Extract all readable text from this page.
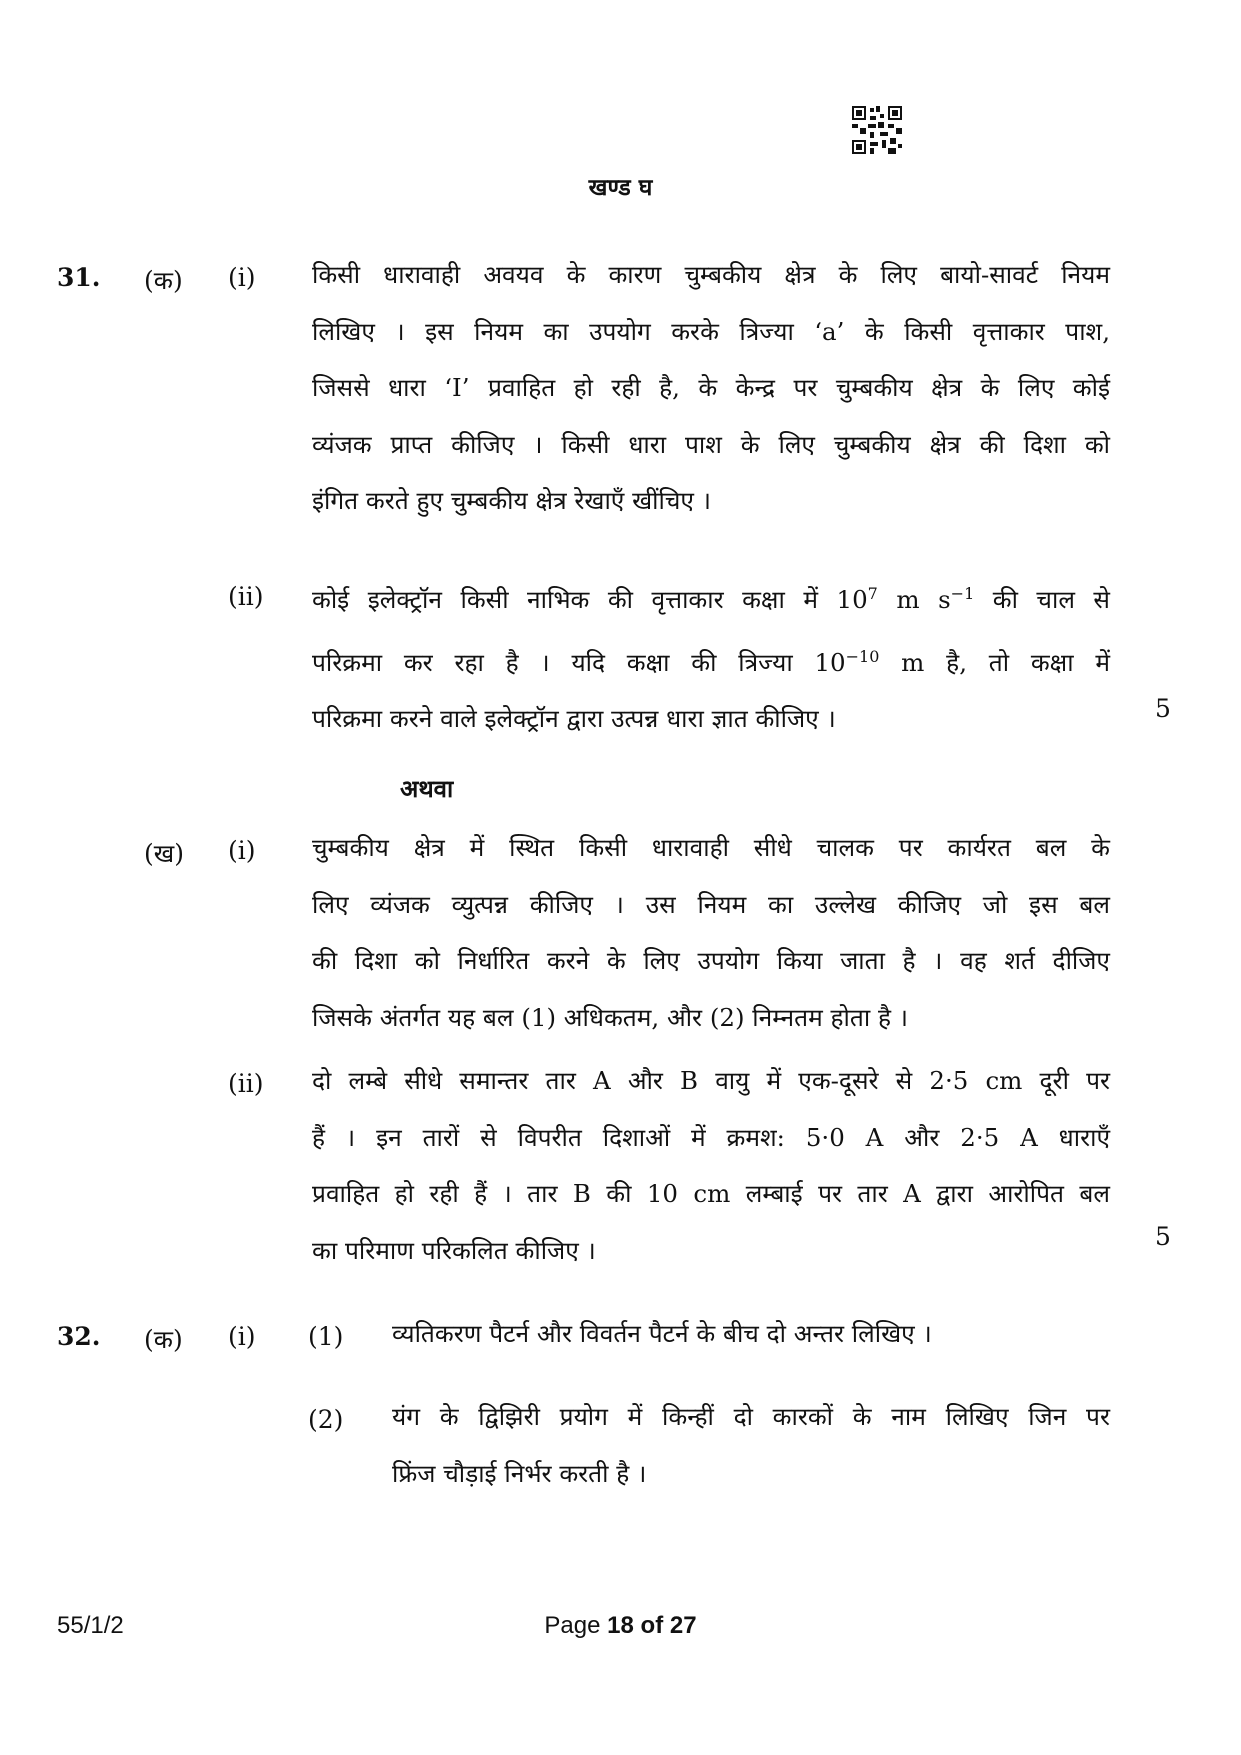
खण्ड घ
31. (क) (i) किसी धारावाही अवयव के कारण चुम्बकीय क्षेत्र के लिए बायो-सावर्ट नियम
लिखिए । इस नियम का उपयोग करके त्रिज्या ‘a’ के किसी वृत्ताकार पाश,
जिससे धारा ‘I’ प्रवाहित हो रही है, के केन्द्र पर चुम्बकीय क्षेत्र के लिए कोई
व्यंजक प्राप्त कीजिए । किसी धारा पाश के लिए चुम्बकीय क्षेत्र की दिशा को
इंगित करते हुए चुम्बकीय क्षेत्र रेखाएँ खींचिए ।
(ii) कोई इलेक्ट्रॉन किसी नाभिक की वृत्ताकार कक्षा में $10^7$ m $s^{-1}$ की चाल से
परिक्रमा कर रहा है । यदि कक्षा की त्रिज्या $10^{-10}$ m है, तो कक्षा में
परिक्रमा करने वाले इलेक्ट्रॉन द्वारा उत्पन्न धारा ज्ञात कीजिए ।	5
अथवा
(ख) (i) चुम्बकीय क्षेत्र में स्थित किसी धारावाही सीधे चालक पर कार्यरत बल के
लिए व्यंजक व्युत्पन्न कीजिए । उस नियम का उल्लेख कीजिए जो इस बल
की दिशा को निर्धारित करने के लिए उपयोग किया जाता है । वह शर्त दीजिए
जिसके अंतर्गत यह बल (1) अधिकतम, और (2) निम्नतम होता है ।
(ii) दो लम्बे सीधे समान्तर तार A और B वायु में एक-दूसरे से 2·5 cm दूरी पर
हैं । इन तारों से विपरीत दिशाओं में क्रमश: 5·0 A और 2·5 A धाराएँ
प्रवाहित हो रही हैं । तार B की 10 cm लम्बाई पर तार A द्वारा आरोपित बल
का परिमाण परिकलित कीजिए ।	5
32. (क) (i) (1) व्यतिकरण पैटर्न और विवर्तन पैटर्न के बीच दो अन्तर लिखिए ।
(2) यंग के द्विझिरी प्रयोग में किन्हीं दो कारकों के नाम लिखिए जिन पर
फ्रिंज चौड़ाई निर्भर करती है ।
55/1/2	Page 18 of 27
